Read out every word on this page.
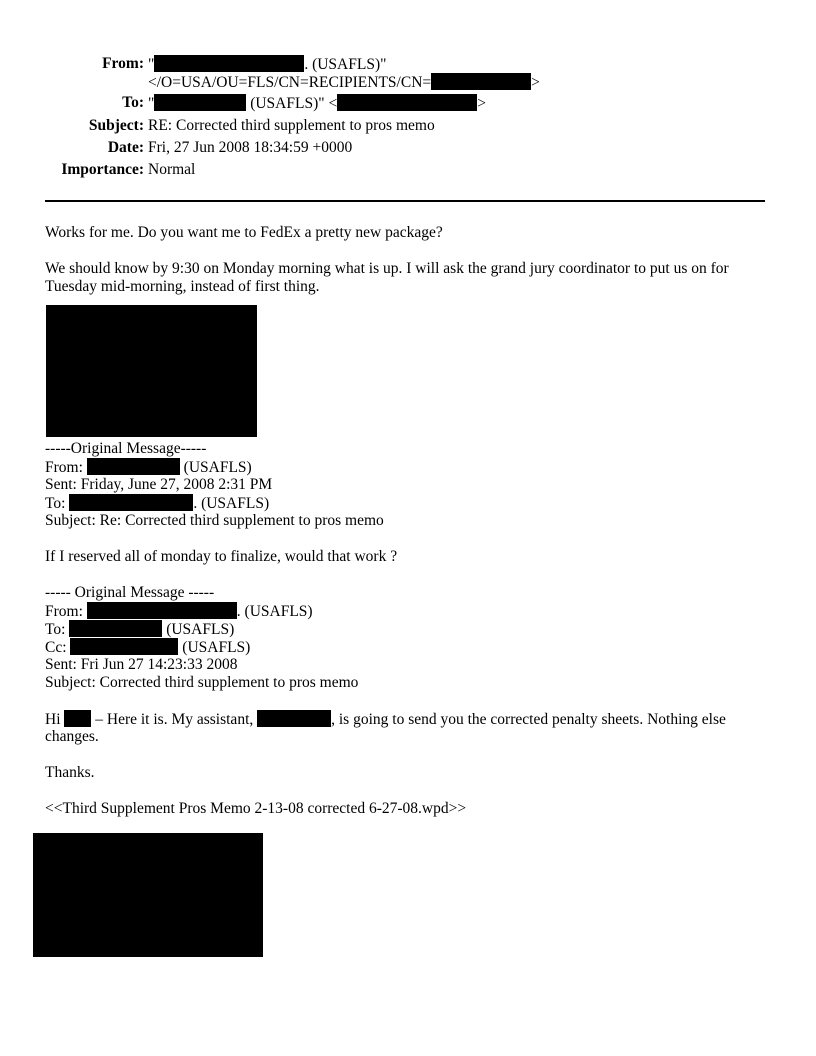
From: "	. (USAFLS)"
</O=USA/OU=FLS/CN=RECIPIENTS/CN=	>
To: "	(USAFLS)" <	>
Subject: RE: Corrected third supplement to pros memo
Date: Fri, 27 Jun 2008 18:34:59 +0000
Importance: Normal
Works for me. Do you want me to FedEx a pretty new package?
We should know by 9:30 on Monday morning what is up. I will ask the grand jury coordinator to put us on for
Tuesday mid-morning, instead of first thing.
-----Original Message-----
From:	(USAFLS)
Sent: Friday, June 27, 2008 2:31 PM
To:	. (USAFLS)
Subject: Re: Corrected third supplement to pros memo
If I reserved all of monday to finalize, would that work ?
----- Original Message -----
From:	. (USAFLS)
To:	(USAFLS)
Cc:	(USAFLS)
Sent: Fri Jun 27 14:23:33 2008
Subject: Corrected third supplement to pros memo
Hi  – Here it is. My assistant,	, is going to send you the corrected penalty sheets. Nothing else
changes.
Thanks.
<<Third Supplement Pros Memo 2-13-08 corrected 6-27-08.wpd>>
